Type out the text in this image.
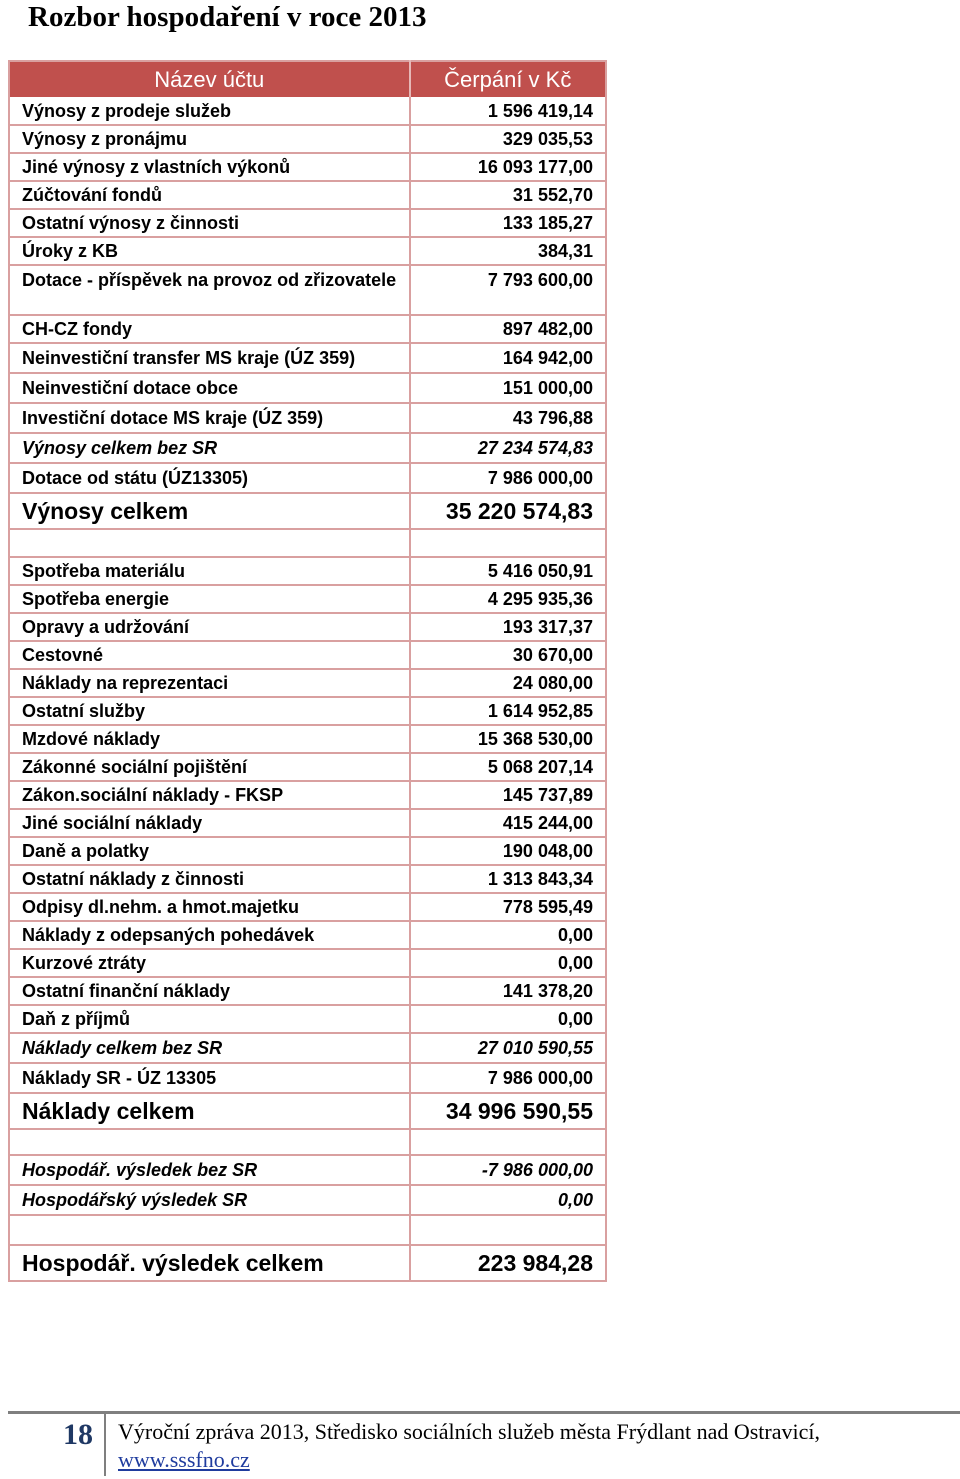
Rozbor hospodaření v roce 2013
Název účtu	Čerpání v Kč
Výnosy z prodeje služeb	1 596 419,14
Výnosy z pronájmu	329 035,53
Jiné výnosy z vlastních výkonů	16 093 177,00
Zúčtování fondů	31 552,70
Ostatní výnosy z činnosti	133 185,27
Úroky z KB	384,31
Dotace - příspěvek na provoz od zřizovatele	7 793 600,00
CH-CZ fondy	897 482,00
Neinvestiční transfer MS kraje (ÚZ 359)	164 942,00
Neinvestiční dotace obce	151 000,00
Investiční dotace MS kraje (ÚZ 359)	43 796,88
Výnosy celkem bez SR	27 234 574,83
Dotace od státu (ÚZ13305)	7 986 000,00
Výnosy celkem	35 220 574,83

Spotřeba materiálu	5 416 050,91
Spotřeba energie	4 295 935,36
Opravy a udržování	193 317,37
Cestovné	30 670,00
Náklady na reprezentaci	24 080,00
Ostatní služby	1 614 952,85
Mzdové náklady	15 368 530,00
Zákonné sociální pojištění	5 068 207,14
Zákon.sociální náklady - FKSP	145 737,89
Jiné sociální náklady	415 244,00
Daně a polatky	190 048,00
Ostatní náklady z činnosti	1 313 843,34
Odpisy dl.nehm. a hmot.majetku	778 595,49
Náklady z odepsaných pohedávek	0,00
Kurzové ztráty	0,00
Ostatní finanční náklady	141 378,20
Daň z příjmů	0,00
Náklady celkem bez SR	27 010 590,55
Náklady SR - ÚZ 13305	7 986 000,00
Náklady celkem	34 996 590,55

Hospodář. výsledek bez SR	-7 986 000,00
Hospodářský výsledek SR	0,00

Hospodář. výsledek celkem	223 984,28
18 Výroční zpráva 2013, Středisko sociálních služeb města Frýdlant nad Ostravicí,
www.sssfno.cz
